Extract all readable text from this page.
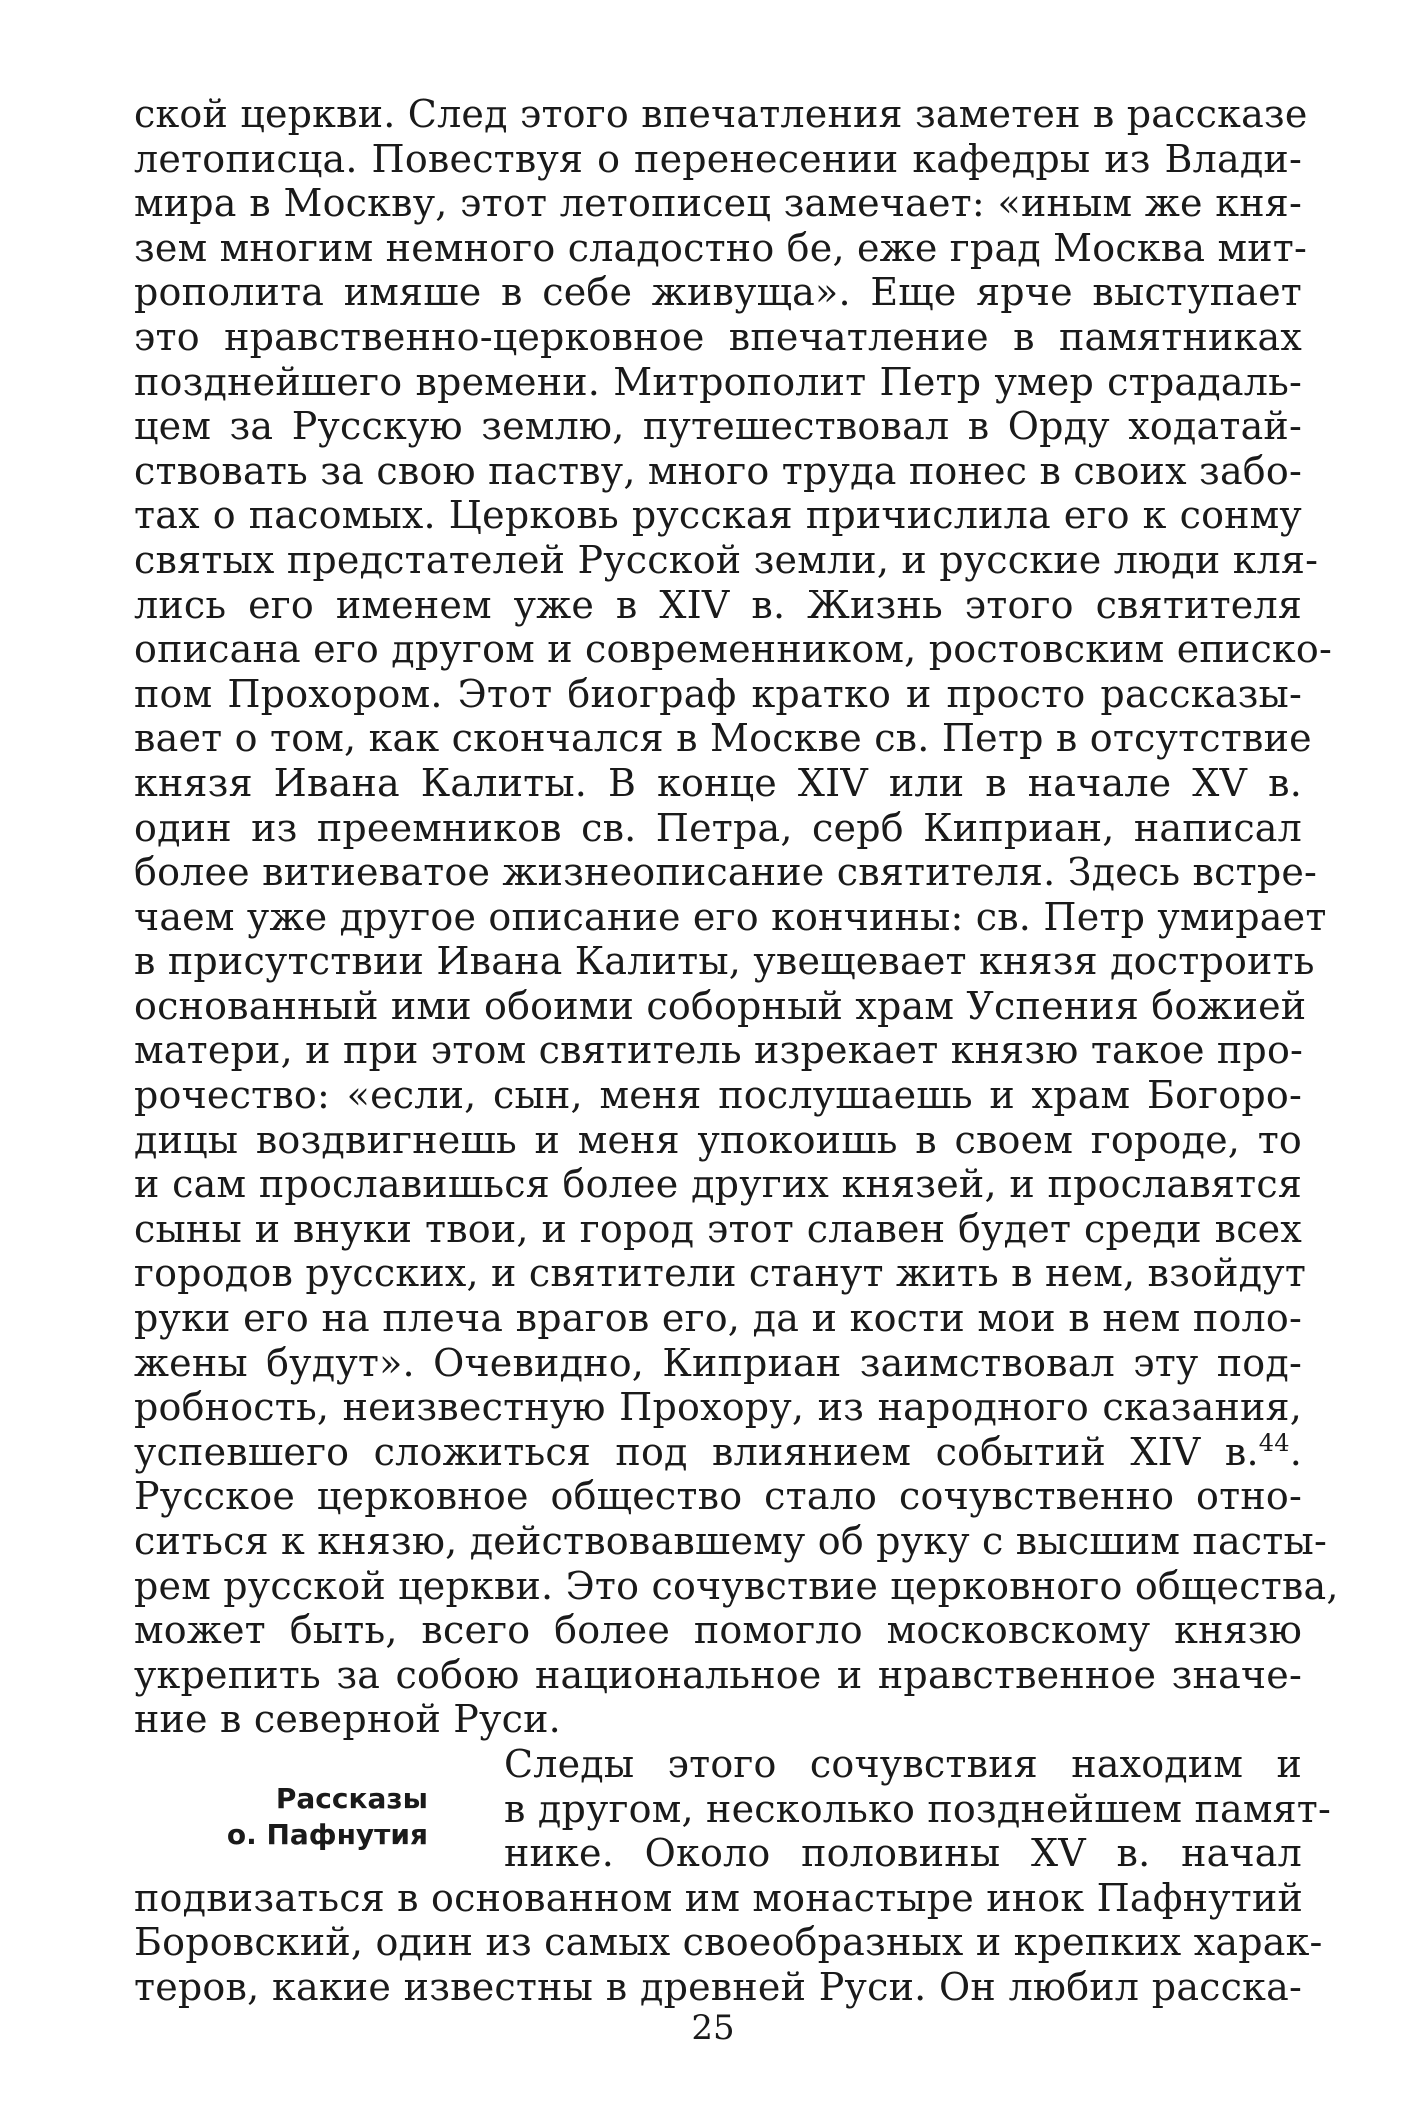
ской церкви. След этого впечатления заметен в рассказе
летописца. Повествуя о перенесении кафедры из Влади-
мира в Москву, этот летописец замечает: «иным же кня-
зем многим немного сладостно бе, еже град Москва мит-
рополита имяше в себе живуща». Еще ярче выступает
это нравственно-церковное впечатление в памятниках
позднейшего времени. Митрополит Петр умер страдаль-
цем за Русскую землю, путешествовал в Орду ходатай-
ствовать за свою паству, много труда понес в своих забо-
тах о пасомых. Церковь русская причислила его к сонму
святых предстателей Русской земли, и русские люди кля-
лись его именем уже в XIV в. Жизнь этого святителя
описана его другом и современником, ростовским еписко-
пом Прохором. Этот биограф кратко и просто рассказы-
вает о том, как скончался в Москве св. Петр в отсутствие
князя Ивана Калиты. В конце XIV или в начале XV в.
один из преемников св. Петра, серб Киприан, написал
более витиеватое жизнеописание святителя. Здесь встре-
чаем уже другое описание его кончины: св. Петр умирает
в присутствии Ивана Калиты, увещевает князя достроить
основанный ими обоими соборный храм Успения божией
матери, и при этом святитель изрекает князю такое про-
рочество: «если, сын, меня послушаешь и храм Богоро-
дицы воздвигнешь и меня упокоишь в своем городе, то
и сам прославишься более других князей, и прославятся
сыны и внуки твои, и город этот славен будет среди всех
городов русских, и святители станут жить в нем, взойдут
руки его на плеча врагов его, да и кости мои в нем поло-
жены будут». Очевидно, Киприан заимствовал эту под-
робность, неизвестную Прохору, из народного сказания,
успевшего сложиться под влиянием событий XIV в.$^{44}$.
Русское церковное общество стало сочувственно отно-
ситься к князю, действовавшему об руку с высшим пасты-
рем русской церкви. Это сочувствие церковного общества,
может быть, всего более помогло московскому князю
укрепить за собою национальное и нравственное значе-
ние в северной Руси.
Следы этого сочувствия находим и
в другом, несколько позднейшем памят-
нике. Около половины XV в. начал
подвизаться в основанном им монастыре инок Пафнутий
Боровский, один из самых своеобразных и крепких харак-
теров, какие известны в древней Руси. Он любил расска-
Рассказы
о. Пафнутия
25
